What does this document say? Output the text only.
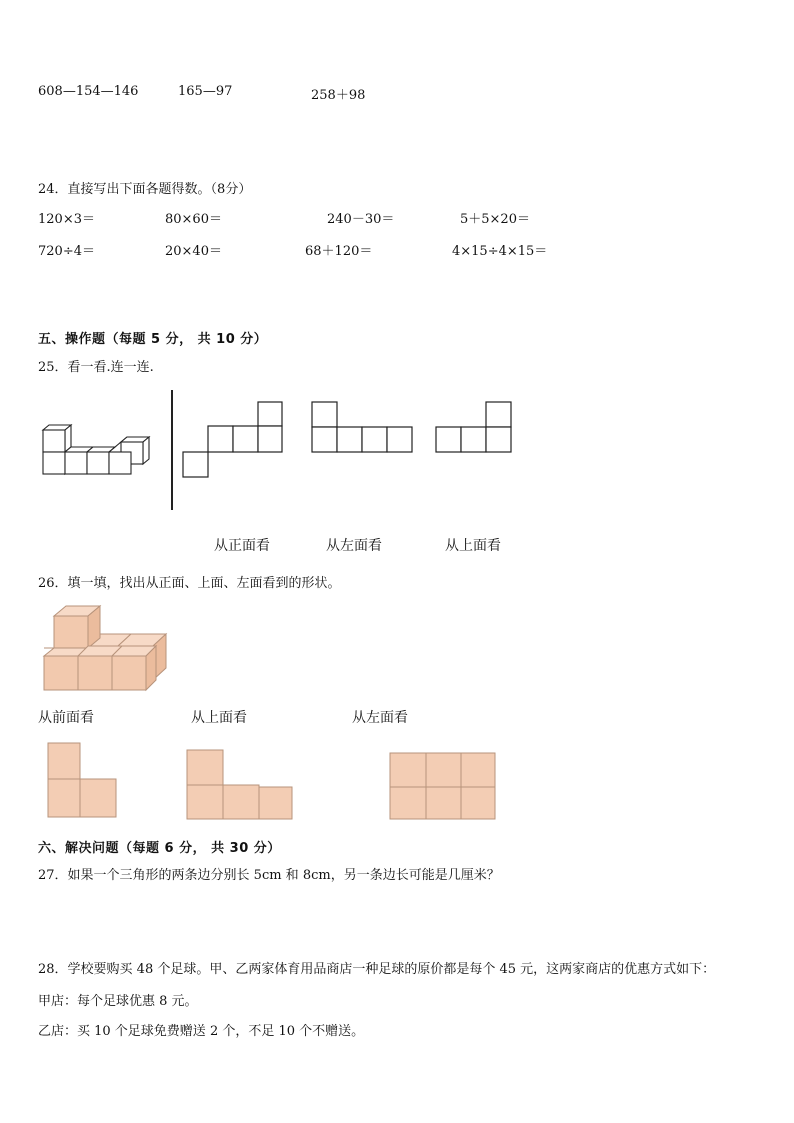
608—154—146	165—97	258＋98
24．直接写出下面各题得数。（8分）
120×3＝	80×60＝	240－30＝	5＋5×20＝
720÷4＝	20×40＝	68＋120＝	4×15÷4×15＝
五、操作题（每题 5 分， 共 10 分）
25．看一看.连一连.
从正面看	从左面看	从上面看
26．填一填，找出从正面、上面、左面看到的形状。
从前面看	从上面看	从左面看
六、解决问题（每题 6 分， 共 30 分）
27．如果一个三角形的两条边分别长 5cm 和 8cm，另一条边长可能是几厘米？
28．学校要购买 48 个足球。甲、乙两家体育用品商店一种足球的原价都是每个 45 元，这两家商店的优惠方式如下：
甲店：每个足球优惠 8 元。
乙店：买 10 个足球免费赠送 2 个，不足 10 个不赠送。
